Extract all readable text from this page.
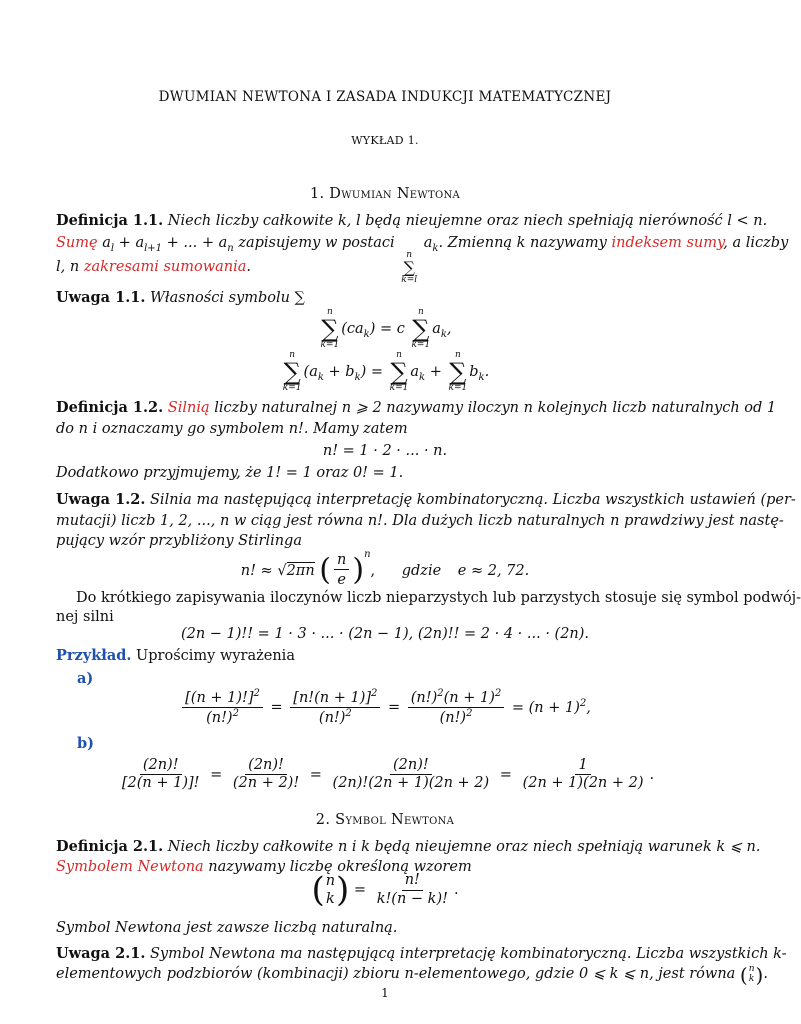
DWUMIAN NEWTONA I ZASADA INDUKCJI MATEMATYCZNEJ
WYKŁAD 1.
1. Dwumian Newtona
Definicja 1.1. Niech liczby całkowite k, l będą nieujemne oraz niech spełniają nierówność l < n.
Sumę $a_l + a_{l+1}$ + ... + $a_n$ zapisujemy w postaci
n
∑
k=l
$a_k$. Zmienną k nazywamy indeksem sumy, a liczby
l, n zakresami sumowania.
Uwaga 1.1. Własności symbolu ∑
n
∑
k=1
$(ca_k) = c$
n
∑
k=1
$a_k$,
n
∑
k=1
$(a_k + b_k)$ =
n
∑
k=1
$a_k$ +
n
∑
k=1
$b_k$.
Definicja 1.2. Silnią liczby naturalnej n ⩾ 2 nazywamy iloczyn n kolejnych liczb naturalnych od 1
do n i oznaczamy go symbolem n!. Mamy zatem
n! = 1 · 2 · ... · n.
Dodatkowo przyjmujemy, że 1! = 1 oraz 0! = 1.
Uwaga 1.2. Silnia ma następującą interpretację kombinatoryczną. Liczba wszystkich ustawień (per-
mutacji) liczb 1, 2, ..., n w ciąg jest równa n!. Dla dużych liczb naturalnych n prawdziwy jest nastę-
pujący wzór przybliżony Stirlinga
n! ≈ √2πn ( $\frac{n}{e} )^n$, gdzie e ≈ 2, 72.
Do krótkiego zapisywania iloczynów liczb nieparzystych lub parzystych stosuje się symbol podwój-
nej silni
(2n − 1)!! = 1 · 3 · ... · (2n − 1), (2n)!! = 2 · 4 · ... · (2n).
Przykład. Uprościmy wyrażenia
a)
$\frac{[(n + 1)!]^2}{(n!)^2} = \frac{[n!(n + 1)]^2}{(n!)^2} = \frac{(n!)^2(n + 1)^2}{(n!)^2} = (n + 1)^2$,
b)
$\frac{(2n)!}{[2(n + 1)]!} = \frac{(2n)!}{(2n + 2)!} = \frac{(2n)!}{(2n)!(2n + 1)(2n + 2)} = \frac{1}{(2n + 1)(2n + 2)}$ .
2. Symbol Newtona
Definicja 2.1. Niech liczby całkowite n i k będą nieujemne oraz niech spełniają warunek k ⩽ n.
Symbolem Newtona nazywamy liczbę określoną wzorem
( n
k ) = $\frac{n!}{k!(n - k)!}$ .
Symbol Newtona jest zawsze liczbą naturalną.
Uwaga 2.1. Symbol Newtona ma następującą interpretację kombinatoryczną. Liczba wszystkich k-
elementowych podzbiorów (kombinacji) zbioru n-elementowego, gdzie 0 ⩽ k ⩽ n, jest równa ( n
k ) .
1
